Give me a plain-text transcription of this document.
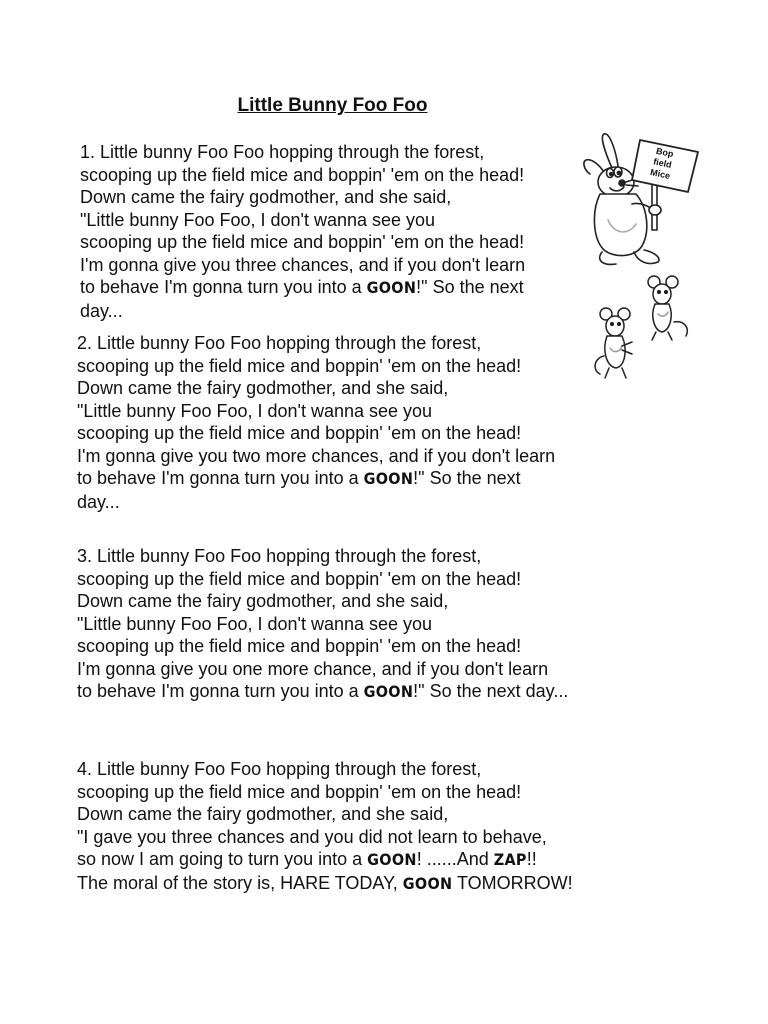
Little Bunny Foo Foo
1. Little bunny Foo Foo hopping through the forest,
scooping up the field mice and boppin' 'em on the head!
Down came the fairy godmother, and she said,
"Little bunny Foo Foo, I don't wanna see you
scooping up the field mice and boppin' 'em on the head!
I'm gonna give you three chances, and if you don't learn
to behave I'm gonna turn you into a GOON!" So the next
day...
2. Little bunny Foo Foo hopping through the forest,
scooping up the field mice and boppin' 'em on the head!
Down came the fairy godmother, and she said,
"Little bunny Foo Foo, I don't wanna see you
scooping up the field mice and boppin' 'em on the head!
I'm gonna give you two more chances, and if you don't learn
to behave I'm gonna turn you into a GOON!" So the next
day...
3. Little bunny Foo Foo hopping through the forest,
scooping up the field mice and boppin' 'em on the head!
Down came the fairy godmother, and she said,
"Little bunny Foo Foo, I don't wanna see you
scooping up the field mice and boppin' 'em on the head!
I'm gonna give you one more chance, and if you don't learn
to behave I'm gonna turn you into a GOON!" So the next day...
4. Little bunny Foo Foo hopping through the forest,
scooping up the field mice and boppin' 'em on the head!
Down came the fairy godmother, and she said,
"I gave you three chances and you did not learn to behave,
so now I am going to turn you into a GOON! ......And ZAP!!
The moral of the story is, HARE TODAY, GOON TOMORROW!
Bop
field
Mice
